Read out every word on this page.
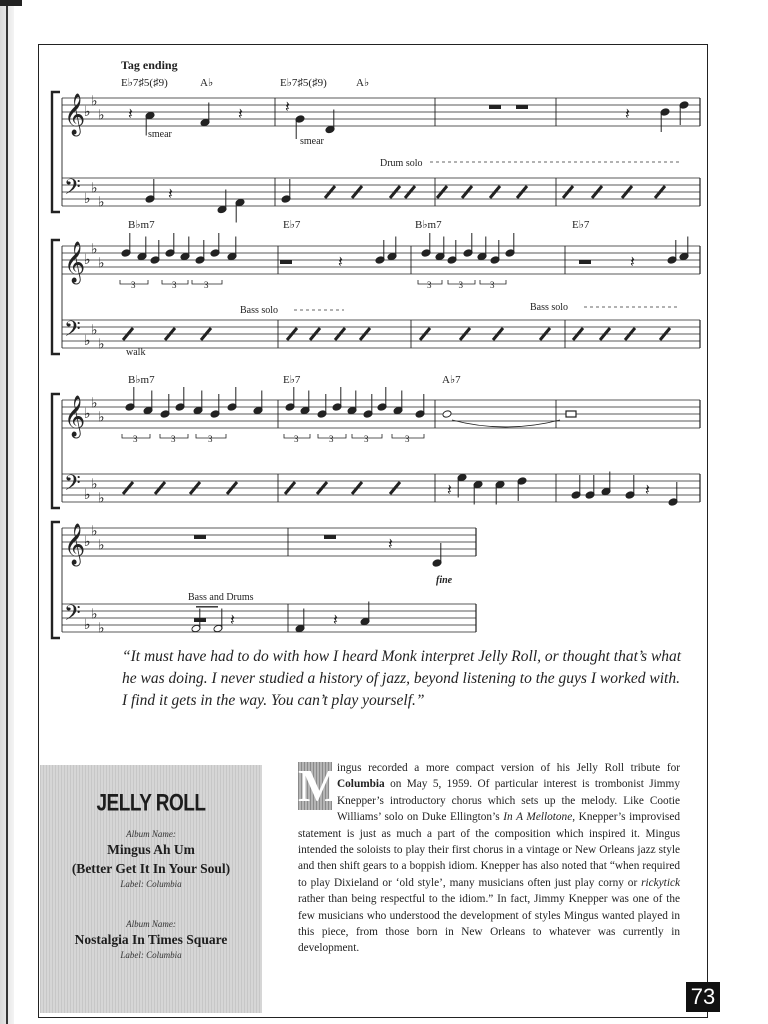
Tag ending
E♭7♯5(♯9)	A♭	E♭7♯5(♯9)	A♭
𝄞
𝄢
♭
♭
♭
♭
♭
♭
𝄽	𝄽	𝄽	𝄽
𝄽
smear
smear
Drum solo
B♭m7	E♭7	B♭m7	E♭7
𝄞
𝄢
♭
♭
♭
♭
♭
♭
3	3	3
𝄽
3	3	3
𝄽
Bass solo	Bass solo
walk
B♭m7	E♭7	A♭7
𝄞
𝄢
♭
♭
♭
♭
♭
♭
3	3	3	3	3	3	3
𝄽	𝄽
𝄞
𝄢
♭
♭
♭
♭
♭
♭
𝄽
𝄽	𝄽
Bass and Drums
fine

“It must have had to do with how I heard Monk interpret Jelly Roll, or thought that’s what he was doing. I never studied a history of jazz, beyond listening to the guys I worked with. I find it gets in the way. You can’t play yourself.”

JELLY ROLL
Album Name:
Mingus Ah Um
(Better Get It In Your Soul)
Label: Columbia
Album Name:
Nostalgia In Times Square
Label: Columbia

M
ingus recorded a more compact version of his Jelly Roll tribute for Columbia on May 5, 1959. Of particular interest is trombonist Jimmy Knepper’s introductory chorus which sets up the melody. Like Cootie Williams’ solo on Duke Ellington’s In A Mellotone, Knepper’s improvised statement is just as much a part of the composition which inspired it. Mingus intended the soloists to play their first chorus in a vintage or New Orleans jazz style and then shift gears to a boppish idiom. Knepper has also noted that “when required to play Dixieland or ‘old style’, many musicians often just play corny or rickytick rather than being respectful to the idiom.” In fact, Jimmy Knepper was one of the few musicians who understood the development of styles Mingus wanted played in this piece, from those born in New Orleans to whatever was currently in development.

73
